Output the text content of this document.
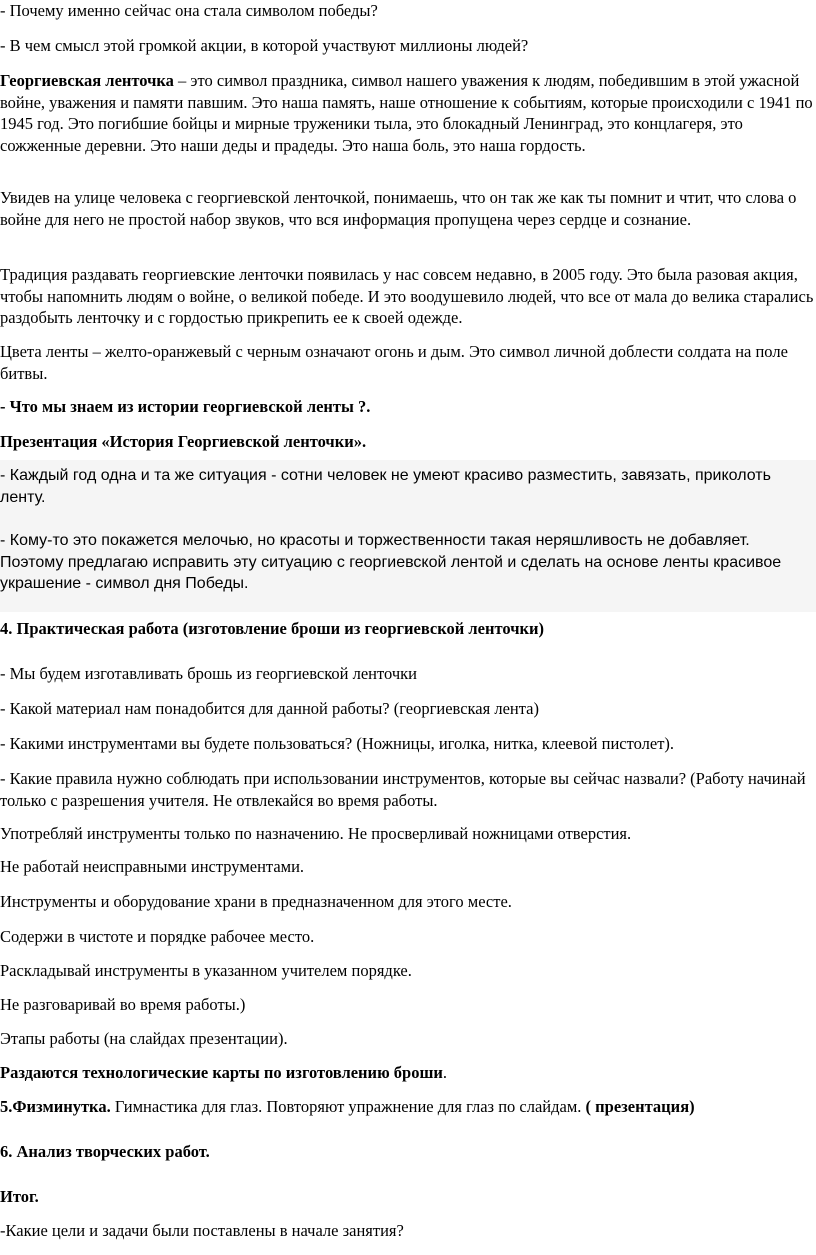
- Почему именно сейчас она стала символом победы?

- В чем смысл этой громкой акции, в которой участвуют миллионы людей?

Георгиевская ленточка – это символ праздника, символ нашего уважения к людям, победившим в этой ужасной войне, уважения и памяти павшим. Это наша память, наше отношение к событиям, которые происходили с 1941 по 1945 год. Это погибшие бойцы и мирные труженики тыла, это блокадный Ленинград, это концлагеря, это сожженные деревни. Это наши деды и прадеды. Это наша боль, это наша гордость.

Увидев на улице человека с георгиевской ленточкой, понимаешь, что он так же как ты помнит и чтит, что слова о войне для него не простой набор звуков, что вся информация пропущена через сердце и сознание.

Традиция раздавать георгиевские ленточки появилась у нас совсем недавно, в 2005 году. Это была разовая акция, чтобы напомнить людям о войне, о великой победе. И это воодушевило людей, что все от мала до велика старались раздобыть ленточку и с гордостью прикрепить ее к своей одежде.

Цвета ленты – желто-оранжевый с черным означают огонь и дым. Это символ личной доблести солдата на поле битвы.

- Что мы знаем из истории георгиевской ленты ?.

Презентация «История Георгиевской ленточки».

- Каждый год одна и та же ситуация - сотни человек не умеют красиво разместить, завязать, приколоть ленту.

- Кому-то это покажется мелочью, но красоты и торжественности такая неряшливость не добавляет. Поэтому предлагаю исправить эту ситуацию с георгиевской лентой и сделать на основе ленты красивое украшение - символ дня Победы.

4. Практическая работа (изготовление броши из георгиевской ленточки)

- Мы будем изготавливать брошь из георгиевской ленточки

- Какой материал нам понадобится для данной работы? (георгиевская лента)

- Какими инструментами вы будете пользоваться? (Ножницы, иголка, нитка, клеевой пистолет).

- Какие правила нужно соблюдать при использовании инструментов, которые вы сейчас назвали? (Работу начинай только с разрешения учителя. Не отвлекайся во время работы.

Употребляй инструменты только по назначению. Не просверливай ножницами отверстия.

Не работай неисправными инструментами.

Инструменты и оборудование храни в предназначенном для этого месте.

Содержи в чистоте и порядке рабочее место.

Раскладывай инструменты в указанном учителем порядке.

Не разговаривай во время работы.)

Этапы работы (на слайдах презентации).

Раздаются технологические карты по изготовлению броши.

5.Физминутка. Гимнастика для глаз. Повторяют упражнение для глаз по слайдам. ( презентация)

6. Анализ творческих работ.

Итог.

-Какие цели и задачи были поставлены в начале занятия?
